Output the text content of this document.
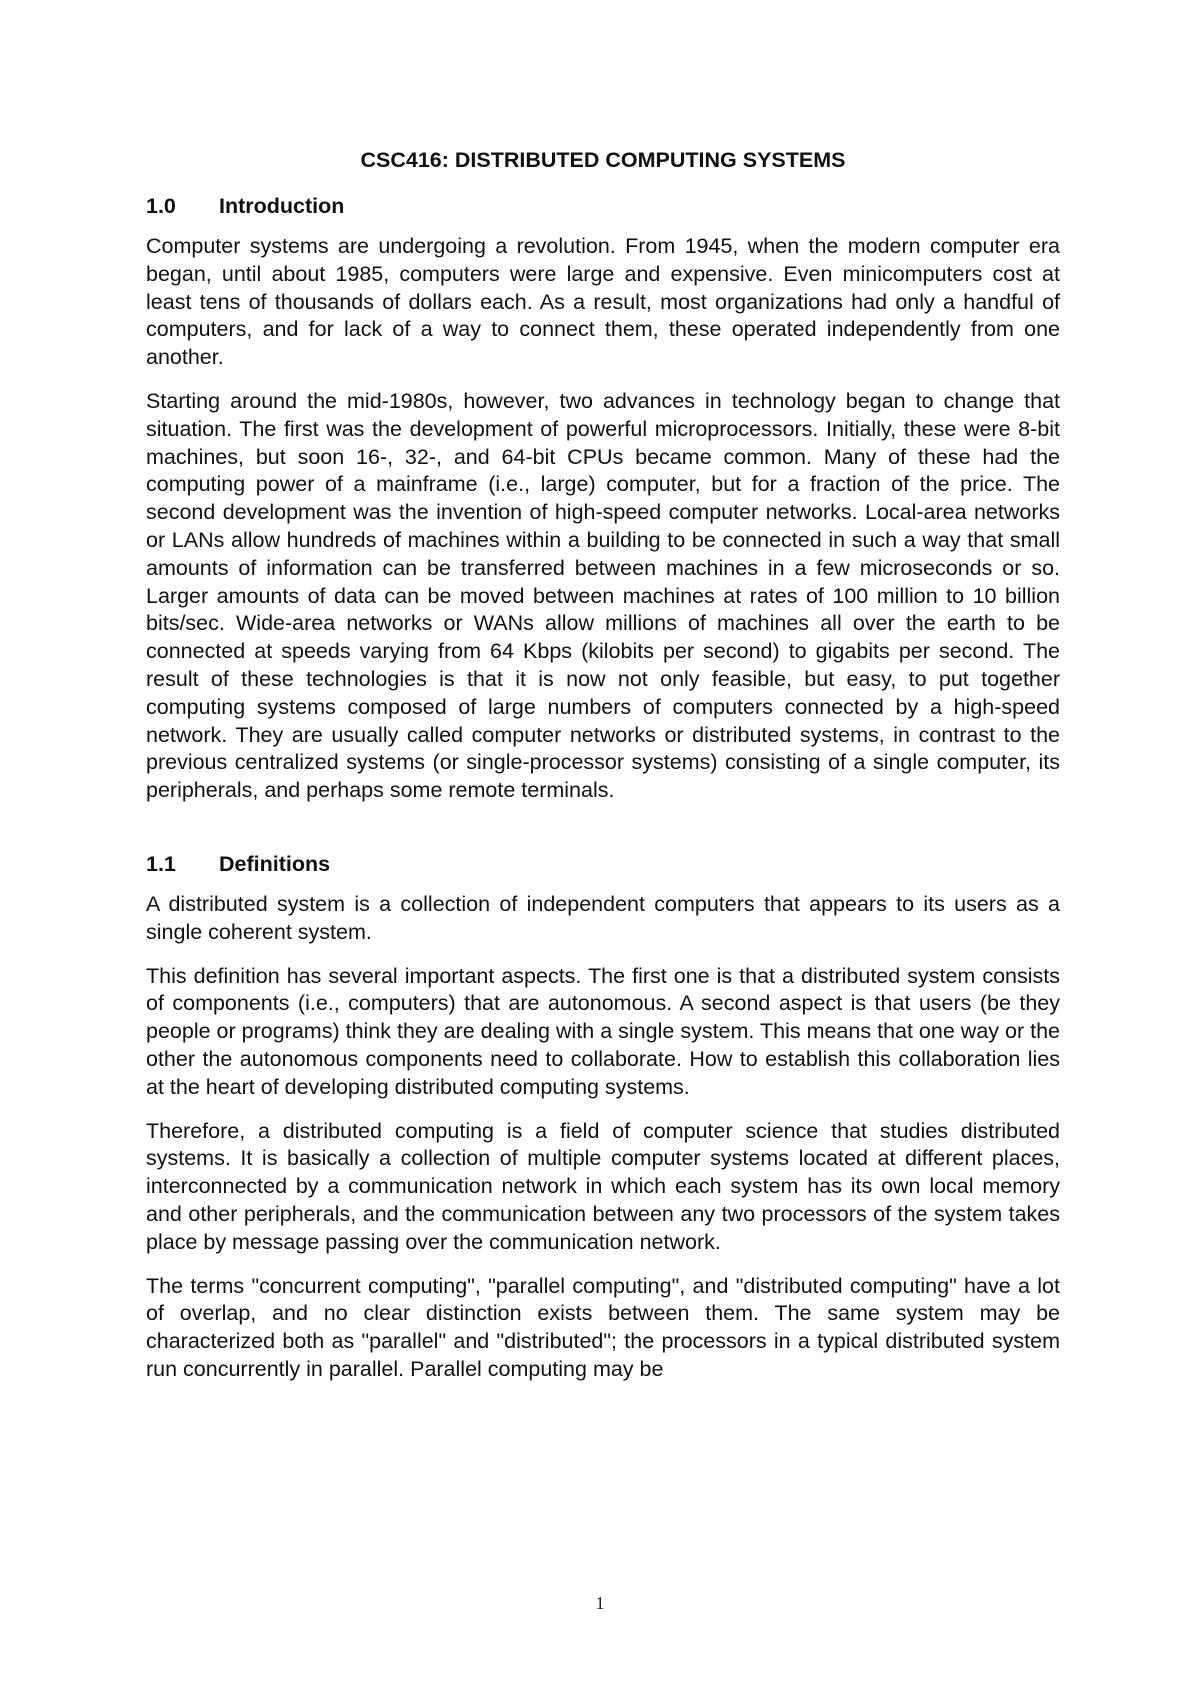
CSC416: DISTRIBUTED COMPUTING SYSTEMS
1.0	Introduction

Computer systems are undergoing a revolution. From 1945, when the modern computer era began, until about 1985, computers were large and expensive. Even minicomputers cost at least tens of thousands of dollars each. As a result, most organizations had only a handful of computers, and for lack of a way to connect them, these operated independently from one another.

Starting around the mid-1980s, however, two advances in technology began to change that situation. The first was the development of powerful microprocessors. Initially, these were 8-bit machines, but soon 16-, 32-, and 64-bit CPUs became common. Many of these had the computing power of a mainframe (i.e., large) computer, but for a fraction of the price. The second development was the invention of high-speed computer networks. Local-area networks or LANs allow hundreds of machines within a building to be connected in such a way that small amounts of information can be transferred between machines in a few microseconds or so. Larger amounts of data can be moved between machines at rates of 100 million to 10 billion bits/sec. Wide-area networks or WANs allow millions of machines all over the earth to be connected at speeds varying from 64 Kbps (kilobits per second) to gigabits per second. The result of these technologies is that it is now not only feasible, but easy, to put together computing systems composed of large numbers of computers connected by a high-speed network. They are usually called computer networks or distributed systems, in contrast to the previous centralized systems (or single-processor systems) consisting of a single computer, its peripherals, and perhaps some remote terminals.

1.1	Definitions

A distributed system is a collection of independent computers that appears to its users as a single coherent system.

This definition has several important aspects. The first one is that a distributed system consists of components (i.e., computers) that are autonomous. A second aspect is that users (be they people or programs) think they are dealing with a single system. This means that one way or the other the autonomous components need to collaborate. How to establish this collaboration lies at the heart of developing distributed computing systems.

Therefore, a distributed computing is a field of computer science that studies distributed systems. It is basically a collection of multiple computer systems located at different places, interconnected by a communication network in which each system has its own local memory and other peripherals, and the communication between any two processors of the system takes place by message passing over the communication network.

The terms "concurrent computing", "parallel computing", and "distributed computing" have a lot of overlap, and no clear distinction exists between them. The same system may be characterized both as "parallel" and "distributed"; the processors in a typical distributed system run concurrently in parallel. Parallel computing may be

1
